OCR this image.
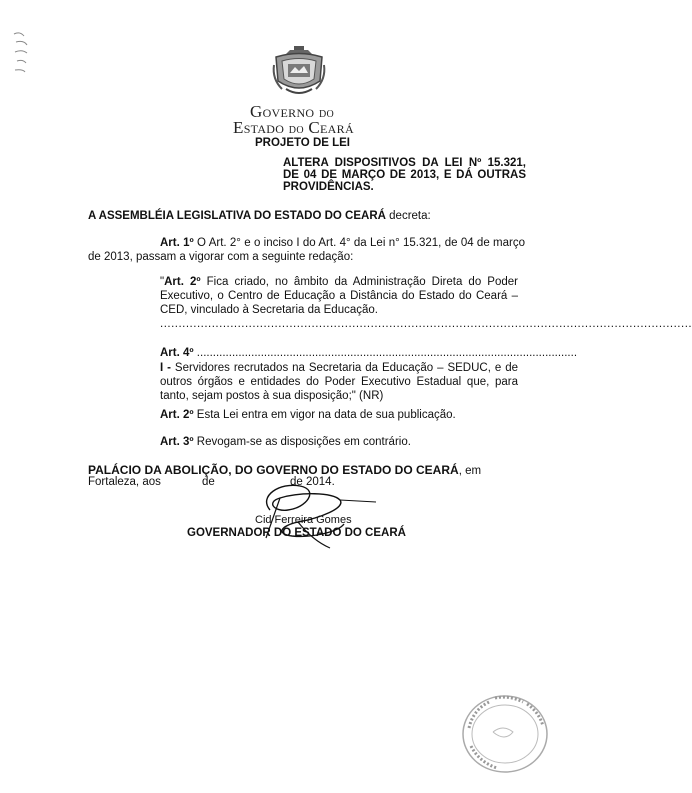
GOVERNO DO
ESTADO DO CEARÁ
PROJETO DE LEI
ALTERA DISPOSITIVOS DA LEI Nº 15.321, DE 04 DE MARÇO DE 2013, E DÁ OUTRAS PROVIDÊNCIAS.
A ASSEMBLÉIA LEGISLATIVA DO ESTADO DO CEARÁ decreta:
Art. 1º O Art. 2° e o inciso I do Art. 4° da Lei n° 15.321, de 04 de março de 2013, passam a vigorar com a seguinte redação:
"Art. 2º Fica criado, no âmbito da Administração Direta do Poder Executivo, o Centro de Educação a Distância do Estado do Ceará – CED, vinculado à Secretaria da Educação.
................................................................................................................................................
Art. 4º .......................................................................................................................
I - Servidores recrutados na Secretaria da Educação – SEDUC, e de outros órgãos e entidades do Poder Executivo Estadual que, para tanto, sejam postos à sua disposição;" (NR)
Art. 2º Esta Lei entra em vigor na data de sua publicação.
Art. 3º Revogam-se as disposições em contrário.
PALÁCIO DA ABOLIÇÃO, DO GOVERNO DO ESTADO DO CEARÁ, em
Fortaleza, aos	de	de 2014.
Cid Ferreira Gomes
GOVERNADOR DO ESTADO DO CEARÁ
